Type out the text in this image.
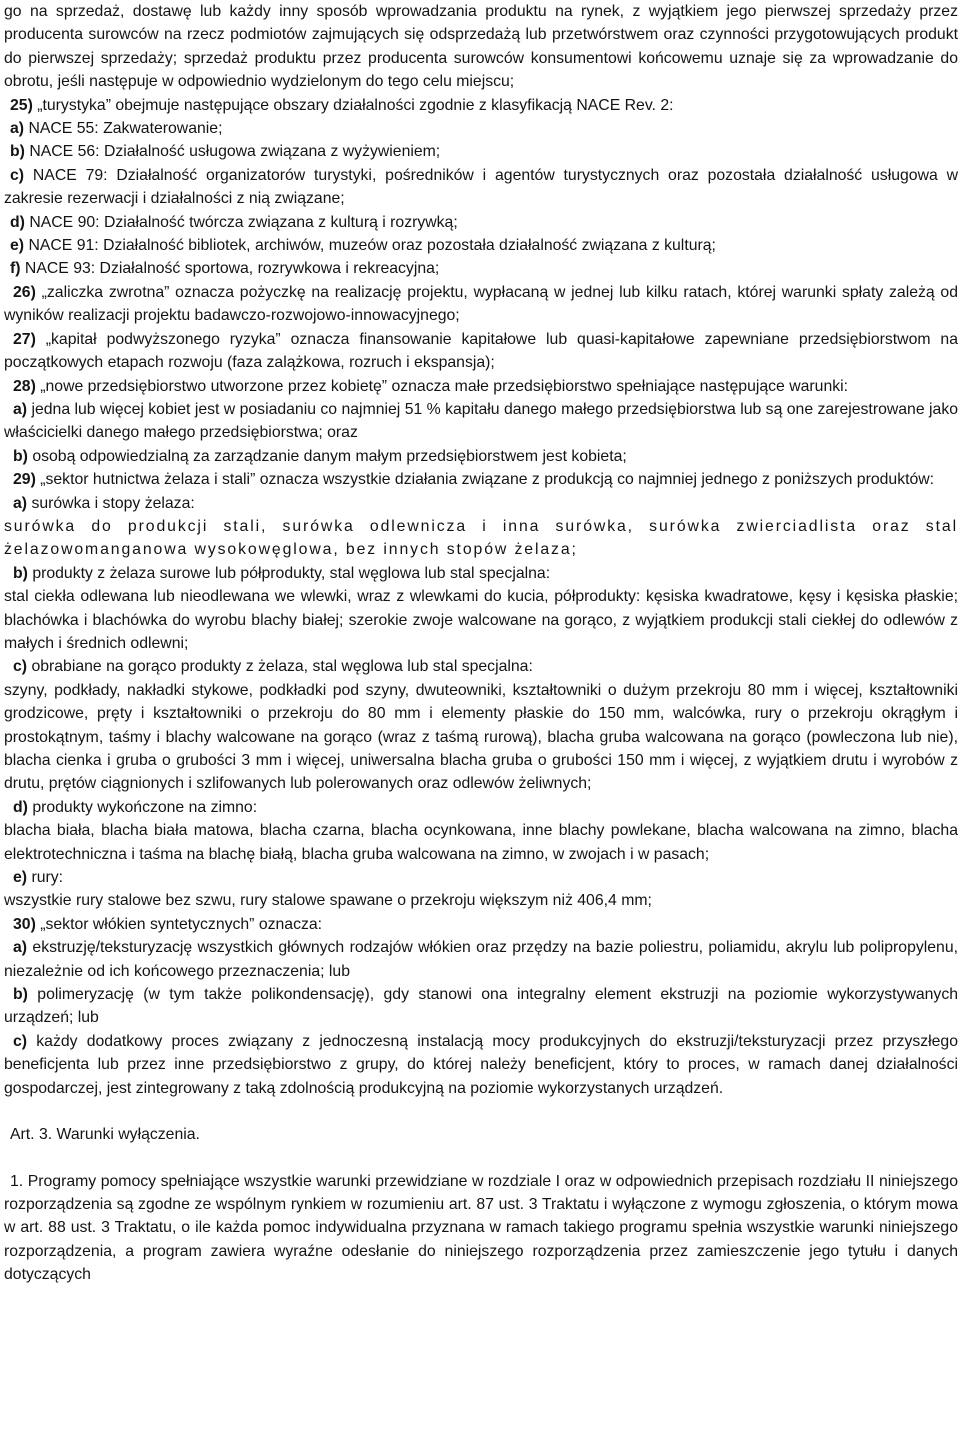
go na sprzedaż, dostawę lub każdy inny sposób wprowadzania produktu na rynek, z wyjątkiem jego pierwszej sprzedaży przez producenta surowców na rzecz podmiotów zajmujących się odsprzedażą lub przetwórstwem oraz czynności przygotowujących produkt do pierwszej sprzedaży; sprzedaż produktu przez producenta surowców konsumentowi końcowemu uznaje się za wprowadzanie do obrotu, jeśli następuje w odpowiednio wydzielonym do tego celu miejscu;

25) „turystyka” obejmuje następujące obszary działalności zgodnie z klasyfikacją NACE Rev. 2:

a) NACE 55: Zakwaterowanie;

b) NACE 56: Działalność usługowa związana z wyżywieniem;

c) NACE 79: Działalność organizatorów turystyki, pośredników i agentów turystycznych oraz pozostała działalność usługowa w zakresie rezerwacji i działalności z nią związane;

d) NACE 90: Działalność twórcza związana z kulturą i rozrywką;

e) NACE 91: Działalność bibliotek, archiwów, muzeów oraz pozostała działalność związana z kulturą;

f) NACE 93: Działalność sportowa, rozrywkowa i rekreacyjna;

26) „zaliczka zwrotna” oznacza pożyczkę na realizację projektu, wypłacaną w jednej lub kilku ratach, której warunki spłaty zależą od wyników realizacji projektu badawczo-rozwojowo-innowacyjnego;

27) „kapitał podwyższonego ryzyka” oznacza finansowanie kapitałowe lub quasi-kapitałowe zapewniane przedsiębiorstwom na początkowych etapach rozwoju (faza zalążkowa, rozruch i ekspansja);

28) „nowe przedsiębiorstwo utworzone przez kobietę” oznacza małe przedsiębiorstwo spełniające następujące warunki:

a) jedna lub więcej kobiet jest w posiadaniu co najmniej 51 % kapitału danego małego przedsiębiorstwa lub są one zarejestrowane jako właścicielki danego małego przedsiębiorstwa; oraz

b) osobą odpowiedzialną za zarządzanie danym małym przedsiębiorstwem jest kobieta;

29) „sektor hutnictwa żelaza i stali” oznacza wszystkie działania związane z produkcją co najmniej jednego z poniższych produktów:

a) surówka i stopy żelaza:

surówka do produkcji stali, surówka odlewnicza i inna surówka, surówka zwierciadlista oraz stal żelazowomanganowa wysokowęglowa, bez innych stopów żelaza;

b) produkty z żelaza surowe lub półprodukty, stal węglowa lub stal specjalna:

stal ciekła odlewana lub nieodlewana we wlewki, wraz z wlewkami do kucia, półprodukty: kęsiska kwadratowe, kęsy i kęsiska płaskie; blachówka i blachówka do wyrobu blachy białej; szerokie zwoje walcowane na gorąco, z wyjątkiem produkcji stali ciekłej do odlewów z małych i średnich odlewni;

c) obrabiane na gorąco produkty z żelaza, stal węglowa lub stal specjalna:

szyny, podkłady, nakładki stykowe, podkładki pod szyny, dwuteowniki, kształtowniki o dużym przekroju 80 mm i więcej, kształtowniki grodzicowe, pręty i kształtowniki o przekroju do 80 mm i elementy płaskie do 150 mm, walcówka, rury o przekroju okrągłym i prostokątnym, taśmy i blachy walcowane na gorąco (wraz z taśmą rurową), blacha gruba walcowana na gorąco (powleczona lub nie), blacha cienka i gruba o grubości 3 mm i więcej, uniwersalna blacha gruba o grubości 150 mm i więcej, z wyjątkiem drutu i wyrobów z drutu, prętów ciągnionych i szlifowanych lub polerowanych oraz odlewów żeliwnych;

d) produkty wykończone na zimno:

blacha biała, blacha biała matowa, blacha czarna, blacha ocynkowana, inne blachy powlekane, blacha walcowana na zimno, blacha elektrotechniczna i taśma na blachę białą, blacha gruba walcowana na zimno, w zwojach i w pasach;

e) rury:

wszystkie rury stalowe bez szwu, rury stalowe spawane o przekroju większym niż 406,4 mm;

30) „sektor włókien syntetycznych” oznacza:

a) ekstruzję/teksturyzację wszystkich głównych rodzajów włókien oraz przędzy na bazie poliestru, poliamidu, akrylu lub polipropylenu, niezależnie od ich końcowego przeznaczenia; lub

b) polimeryzację (w tym także polikondensację), gdy stanowi ona integralny element ekstruzji na poziomie wykorzystywanych urządzeń; lub

c) każdy dodatkowy proces związany z jednoczesną instalacją mocy produkcyjnych do ekstruzji/teksturyzacji przez przyszłego beneficjenta lub przez inne przedsiębiorstwo z grupy, do której należy beneficjent, który to proces, w ramach danej działalności gospodarczej, jest zintegrowany z taką zdolnością produkcyjną na poziomie wykorzystanych urządzeń.

Art. 3. Warunki wyłączenia.

1. Programy pomocy spełniające wszystkie warunki przewidziane w rozdziale I oraz w odpowiednich przepisach rozdziału II niniejszego rozporządzenia są zgodne ze wspólnym rynkiem w rozumieniu art. 87 ust. 3 Traktatu i wyłączone z wymogu zgłoszenia, o którym mowa w art. 88 ust. 3 Traktatu, o ile każda pomoc indywidualna przyznana w ramach takiego programu spełnia wszystkie warunki niniejszego rozporządzenia, a program zawiera wyraźne odesłanie do niniejszego rozporządzenia przez zamieszczenie jego tytułu i danych dotyczących
